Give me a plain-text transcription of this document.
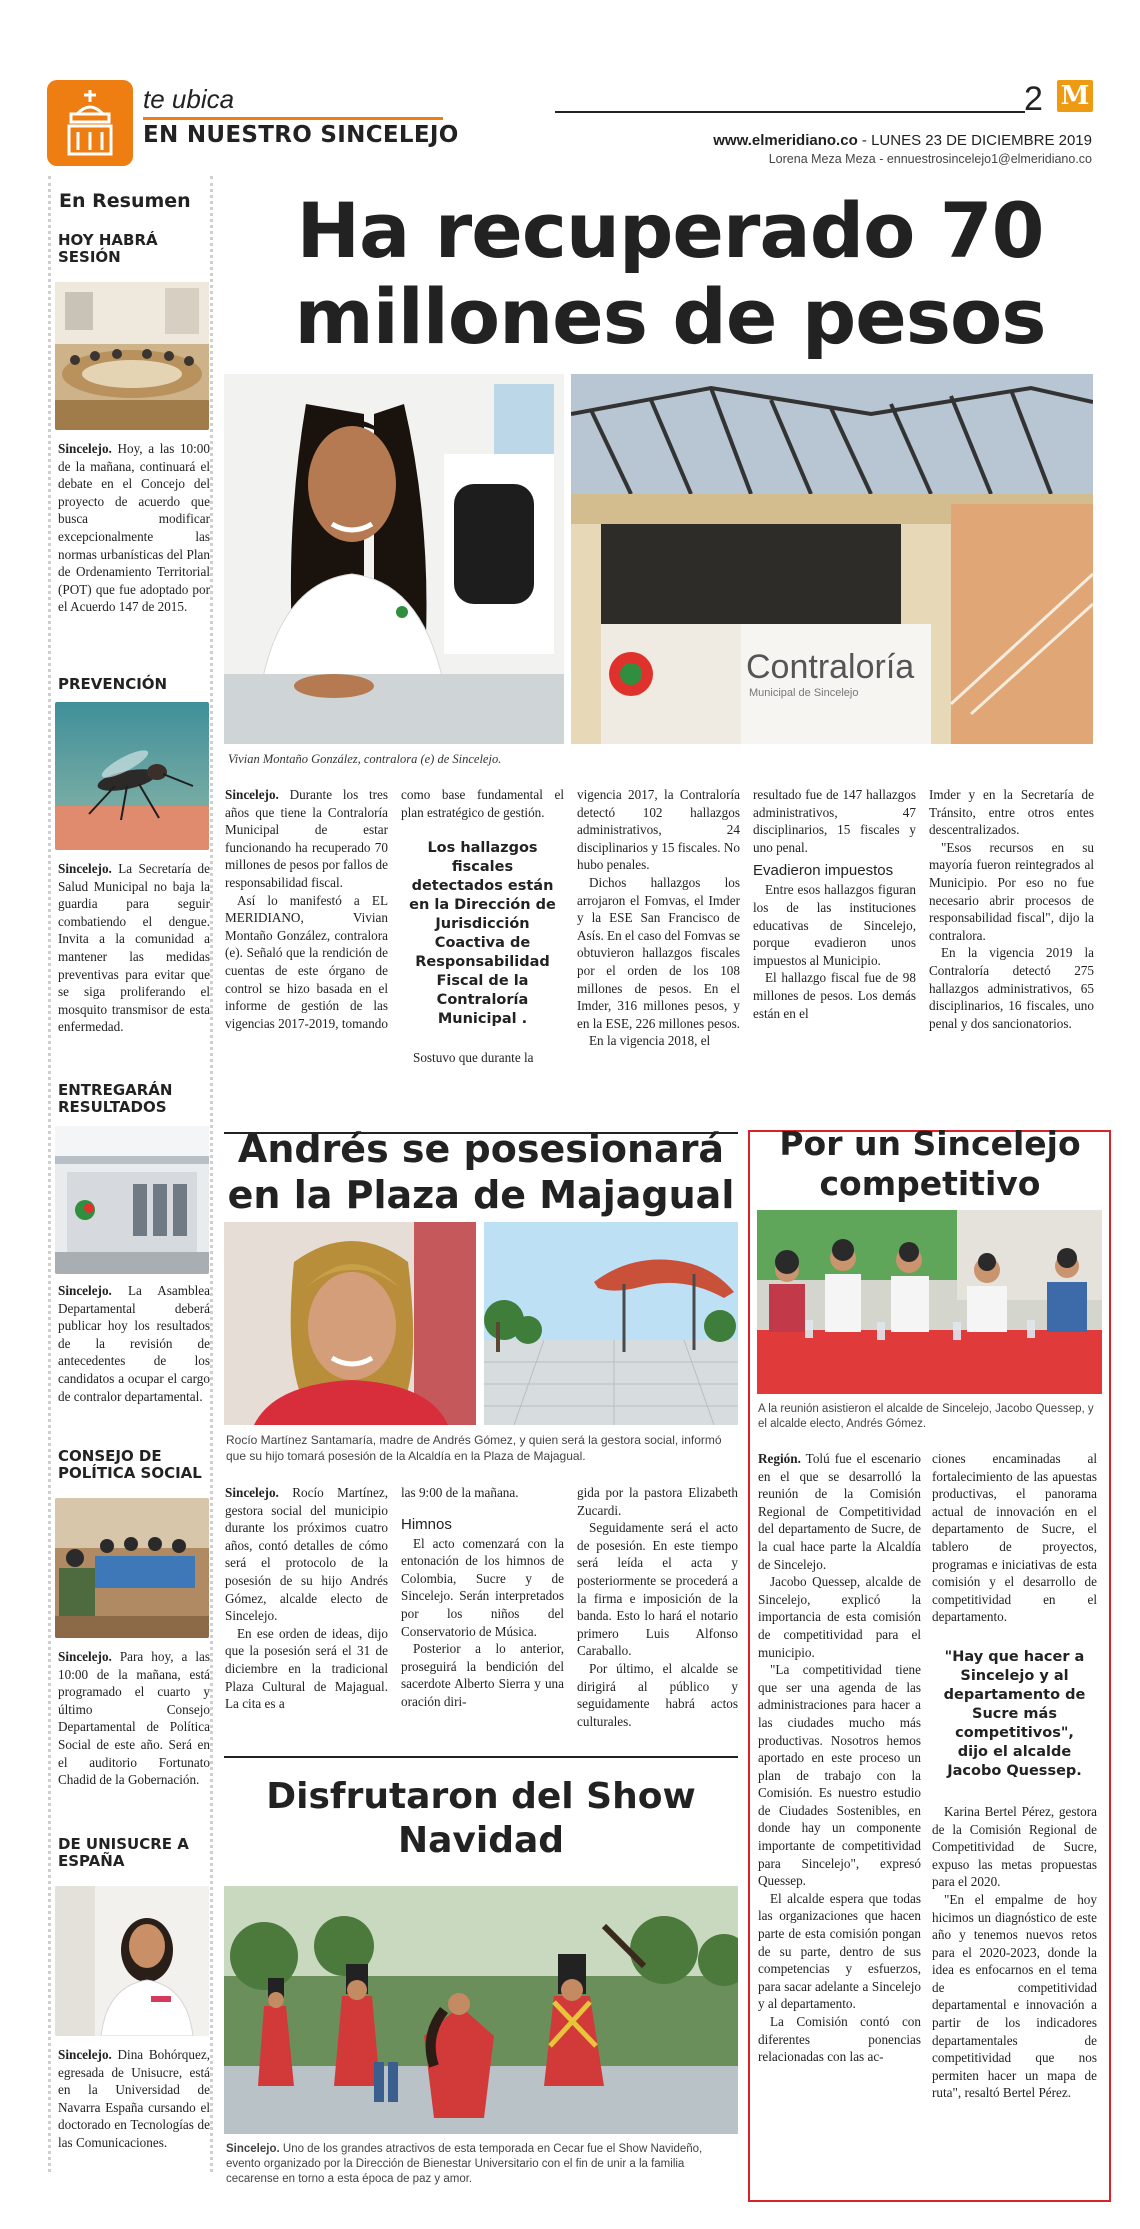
te ubica
EN NUESTRO SINCELEJO
2 M
www.elmeridiano.co - LUNES 23 DE DICIEMBRE 2019
Lorena Meza Meza - ennuestrosincelejo1@elmeridiano.co
En Resumen
HOY HABRÁ SESIÓN
Sincelejo. Hoy, a las 10:00 de la mañana, continuará el debate en el Concejo del proyecto de acuerdo que busca modificar excepcionalmente las normas urbanísticas del Plan de Ordenamiento Territorial (POT) que fue adoptado por el Acuerdo 147 de 2015.
PREVENCIÓN
Sincelejo. La Secretaría de Salud Municipal no baja la guardia para seguir combatiendo el dengue. Invita a la comunidad a mantener las medidas preventivas para evitar que se siga proliferando el mosquito transmisor de esta enfermedad.
ENTREGARÁN RESULTADOS
Sincelejo. La Asamblea Departamental deberá publicar hoy los resultados de la revisión de antecedentes de los candidatos a ocupar el cargo de contralor departamental.
CONSEJO DE POLÍTICA SOCIAL
Sincelejo. Para hoy, a las 10:00 de la mañana, está programado el cuarto y último Consejo Departamental de Política Social de este año. Será en el auditorio Fortunato Chadid de la Gobernación.
DE UNISUCRE A ESPAÑA
Sincelejo. Dina Bohórquez, egresada de Unisucre, está en la Universidad de Navarra España cursando el doctorado en Tecnologías de las Comunicaciones.
Ha recuperado 70 millones de pesos
Contraloría
Municipal de Sincelejo
Vivian Montaño González, contralora (e) de Sincelejo.

Sincelejo. Durante los tres años que tiene la Contraloría Municipal de estar funcionando ha recuperado 70 millones de pesos por fallos de responsabilidad fiscal.

Así lo manifestó a EL MERIDIANO, Vivian Montaño González, contralora (e). Señaló que la rendición de cuentas de este órgano de control se hizo basada en el informe de gestión de las vigencias 2017-2019, tomando

como base fundamental el plan estratégico de gestión.

Los hallazgos fiscales detectados están en la Dirección de Jurisdicción Coactiva de Responsabilidad Fiscal de la Contraloría Municipal .

Sostuvo que durante la

vigencia 2017, la Contraloría detectó 102 hallazgos administrativos, 24 disciplinarios y 15 fiscales. No hubo penales.

Dichos hallazgos los arrojaron el Fomvas, el Imder y la ESE San Francisco de Asís. En el caso del Fomvas se obtuvieron hallazgos fiscales por el orden de los 108 millones de pesos. En el Imder, 316 millones pesos, y en la ESE, 226 millones pesos.

En la vigencia 2018, el

resultado fue de 147 hallazgos administrativos, 47 disciplinarios, 15 fiscales y uno penal.

Evadieron impuestos

Entre esos hallazgos figuran los de las instituciones educativas de Sincelejo, porque evadieron unos impuestos al Municipio.

El hallazgo fiscal fue de 98 millones de pesos. Los demás están en el

Imder y en la Secretaría de Tránsito, entre otros entes descentralizados.

"Esos recursos en su mayoría fueron reintegrados al Municipio. Por eso no fue necesario abrir procesos de responsabilidad fiscal", dijo la contralora.

En la vigencia 2019 la Contraloría detectó 275 hallazgos administrativos, 65 disciplinarios, 16 fiscales, uno penal y dos sancionatorios.

Andrés se posesionará en la Plaza de Majagual
Rocío Martínez Santamaría, madre de Andrés Gómez, y quien será la gestora social, informó que su hijo tomará posesión de la Alcaldía en la Plaza de Majagual.

Sincelejo. Rocío Martínez, gestora social del municipio durante los próximos cuatro años, contó detalles de cómo será el protocolo de la posesión de su hijo Andrés Gómez, alcalde electo de Sincelejo.

En ese orden de ideas, dijo que la posesión será el 31 de diciembre en la tradicional Plaza Cultural de Majagual. La cita es a

las 9:00 de la mañana.

Himnos

El acto comenzará con la entonación de los himnos de Colombia, Sucre y de Sincelejo. Serán interpretados por los niños del Conservatorio de Música.

Posterior a lo anterior, proseguirá la bendición del sacerdote Alberto Sierra y una oración diri-

gida por la pastora Elizabeth Zucardi.

Seguidamente será el acto de posesión. En este tiempo será leída el acta y posteriormente se procederá a la firma e imposición de la banda. Esto lo hará el notario primero Luis Alfonso Caraballo.

Por último, el alcalde se dirigirá al público y seguidamente habrá actos culturales.

Disfrutaron del Show Navidad
Sincelejo. Uno de los grandes atractivos de esta temporada en Cecar fue el Show Navideño, evento organizado por la Dirección de Bienestar Universitario con el fin de unir a la familia cecarense en torno a esta época de paz y amor.
Por un Sincelejo competitivo
A la reunión asistieron el alcalde de Sincelejo, Jacobo Quessep, y el alcalde electo, Andrés Gómez.

Región. Tolú fue el escenario en el que se desarrolló la reunión de la Comisión Regional de Competitividad del departamento de Sucre, de la cual hace parte la Alcaldía de Sincelejo.

Jacobo Quessep, alcalde de Sincelejo, explicó la importancia de esta comisión de competitividad para el municipio.

"La competitividad tiene que ser una agenda de las administraciones para hacer a las ciudades mucho más productivas. Nosotros hemos aportado en este proceso un plan de trabajo con la Comisión. Es nuestro estudio de Ciudades Sostenibles, en donde hay un componente importante de competitividad para Sincelejo", expresó Quessep.

El alcalde espera que todas las organizaciones que hacen parte de esta comisión pongan de su parte, dentro de sus competencias y esfuerzos, para sacar adelante a Sincelejo y al departamento.

La Comisión contó con diferentes ponencias relacionadas con las ac-

ciones encaminadas al fortalecimiento de las apuestas productivas, el panorama actual de innovación en el departamento de Sucre, el tablero de proyectos, programas e iniciativas de esta comisión y el desarrollo de competitividad en el departamento.

"Hay que hacer a Sincelejo y al departamento de Sucre más competitivos", dijo el alcalde Jacobo Quessep.

Karina Bertel Pérez, gestora de la Comisión Regional de Competitividad de Sucre, expuso las metas propuestas para el 2020.

"En el empalme de hoy hicimos un diagnóstico de este año y tenemos nuevos retos para el 2020-2023, donde la idea es enfocarnos en el tema de competitividad departamental e innovación a partir de los indicadores departamentales de competitividad que nos permiten hacer un mapa de ruta", resaltó Bertel Pérez.
